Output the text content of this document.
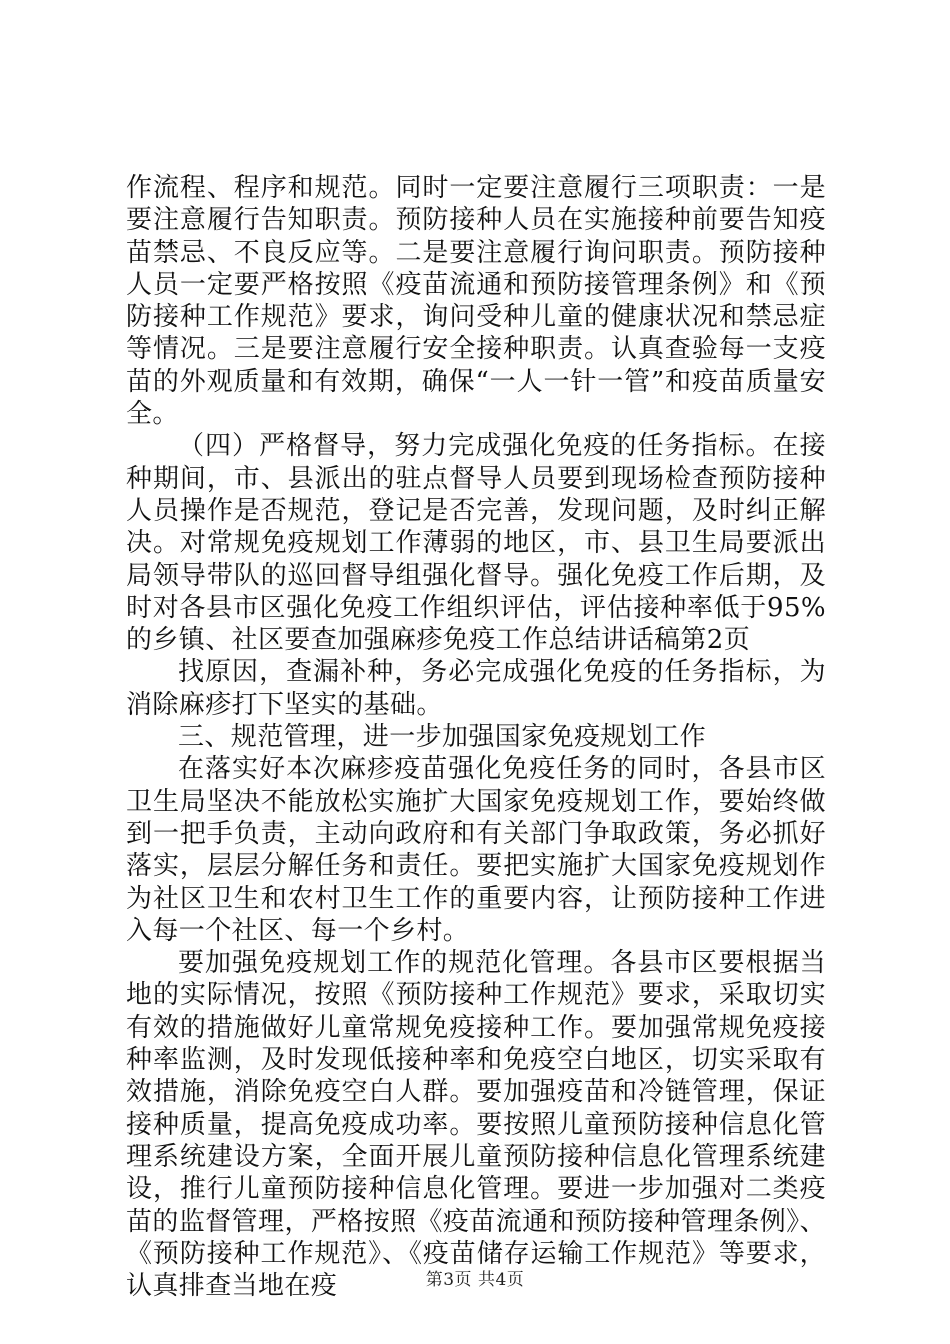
作流程、程序和规范。同时一定要注意履行三项职责：一是要注意履行告知职责。预防接种人员在实施接种前要告知疫苗禁忌、不良反应等。二是要注意履行询问职责。预防接种人员一定要严格按照《疫苗流通和预防接管理条例》和《预防接种工作规范》要求，询问受种儿童的健康状况和禁忌症等情况。三是要注意履行安全接种职责。认真查验每一支疫苗的外观质量和有效期，确保“一人一针一管”和疫苗质量安全。

（四）严格督导，努力完成强化免疫的任务指标。在接种期间，市、县派出的驻点督导人员要到现场检查预防接种人员操作是否规范，登记是否完善，发现问题，及时纠正解决。对常规免疫规划工作薄弱的地区，市、县卫生局要派出局领导带队的巡回督导组强化督导。强化免疫工作后期，及时对各县市区强化免疫工作组织评估，评估接种率低于95%的乡镇、社区要查加强麻疹免疫工作总结讲话稿第2页

找原因，查漏补种，务必完成强化免疫的任务指标，为消除麻疹打下坚实的基础。

三、规范管理，进一步加强国家免疫规划工作

在落实好本次麻疹疫苗强化免疫任务的同时，各县市区卫生局坚决不能放松实施扩大国家免疫规划工作，要始终做到一把手负责，主动向政府和有关部门争取政策，务必抓好落实，层层分解任务和责任。要把实施扩大国家免疫规划作为社区卫生和农村卫生工作的重要内容，让预防接种工作进入每一个社区、每一个乡村。

要加强免疫规划工作的规范化管理。各县市区要根据当地的实际情况，按照《预防接种工作规范》要求，采取切实有效的措施做好儿童常规免疫接种工作。要加强常规免疫接种率监测，及时发现低接种率和免疫空白地区，切实采取有效措施，消除免疫空白人群。要加强疫苗和冷链管理，保证接种质量，提高免疫成功率。要按照儿童预防接种信息化管理系统建设方案，全面开展儿童预防接种信息化管理系统建设，推行儿童预防接种信息化管理。要进一步加强对二类疫苗的监督管理，严格按照《疫苗流通和预防接种管理条例》、《预防接种工作规范》、《疫苗储存运输工作规范》等要求，认真排查当地在疫	第3页 共4页
